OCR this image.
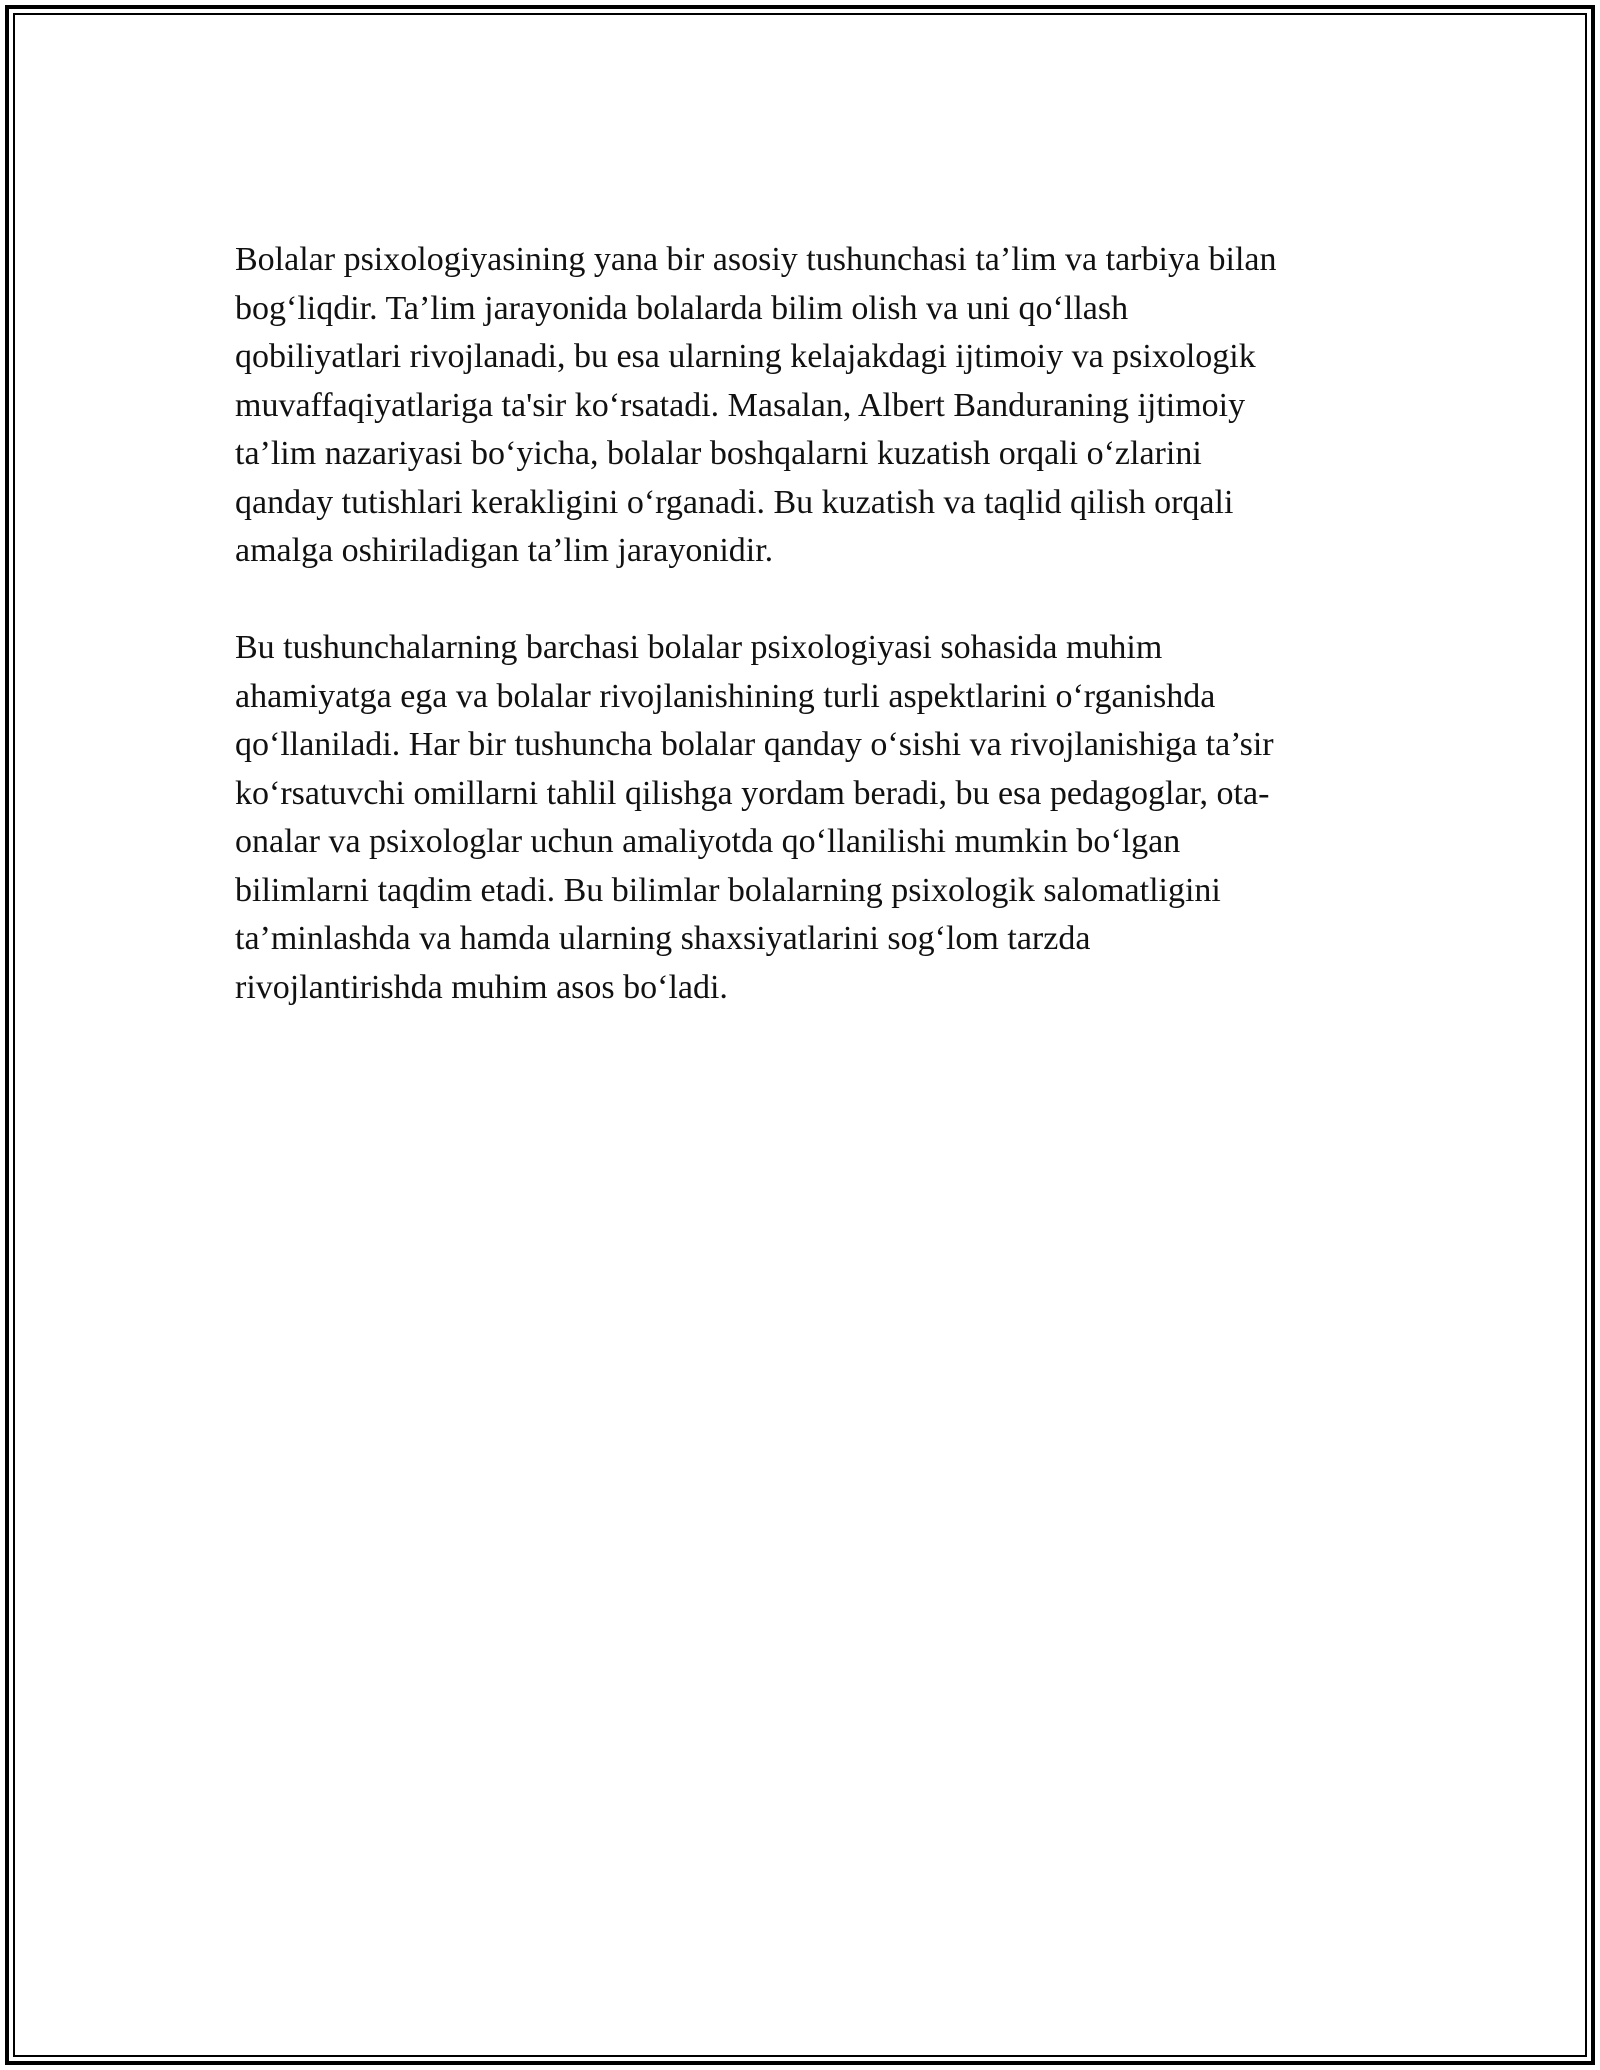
Bolalar psixologiyasining yana bir asosiy tushunchasi ta’lim va tarbiya bilan
bog‘liqdir. Ta’lim jarayonida bolalarda bilim olish va uni qo‘llash
qobiliyatlari rivojlanadi, bu esa ularning kelajakdagi ijtimoiy va psixologik
muvaffaqiyatlariga ta'sir ko‘rsatadi. Masalan, Albert Banduraning ijtimoiy
ta’lim nazariyasi bo‘yicha, bolalar boshqalarni kuzatish orqali o‘zlarini
qanday tutishlari kerakligini o‘rganadi. Bu kuzatish va taqlid qilish orqali
amalga oshiriladigan ta’lim jarayonidir.

Bu tushunchalarning barchasi bolalar psixologiyasi sohasida muhim
ahamiyatga ega va bolalar rivojlanishining turli aspektlarini o‘rganishda
qo‘llaniladi. Har bir tushuncha bolalar qanday o‘sishi va rivojlanishiga ta’sir
ko‘rsatuvchi omillarni tahlil qilishga yordam beradi, bu esa pedagoglar, ota-
onalar va psixologlar uchun amaliyotda qo‘llanilishi mumkin bo‘lgan
bilimlarni taqdim etadi. Bu bilimlar bolalarning psixologik salomatligini
ta’minlashda va hamda ularning shaxsiyatlarini sog‘lom tarzda
rivojlantirishda muhim asos bo‘ladi.
